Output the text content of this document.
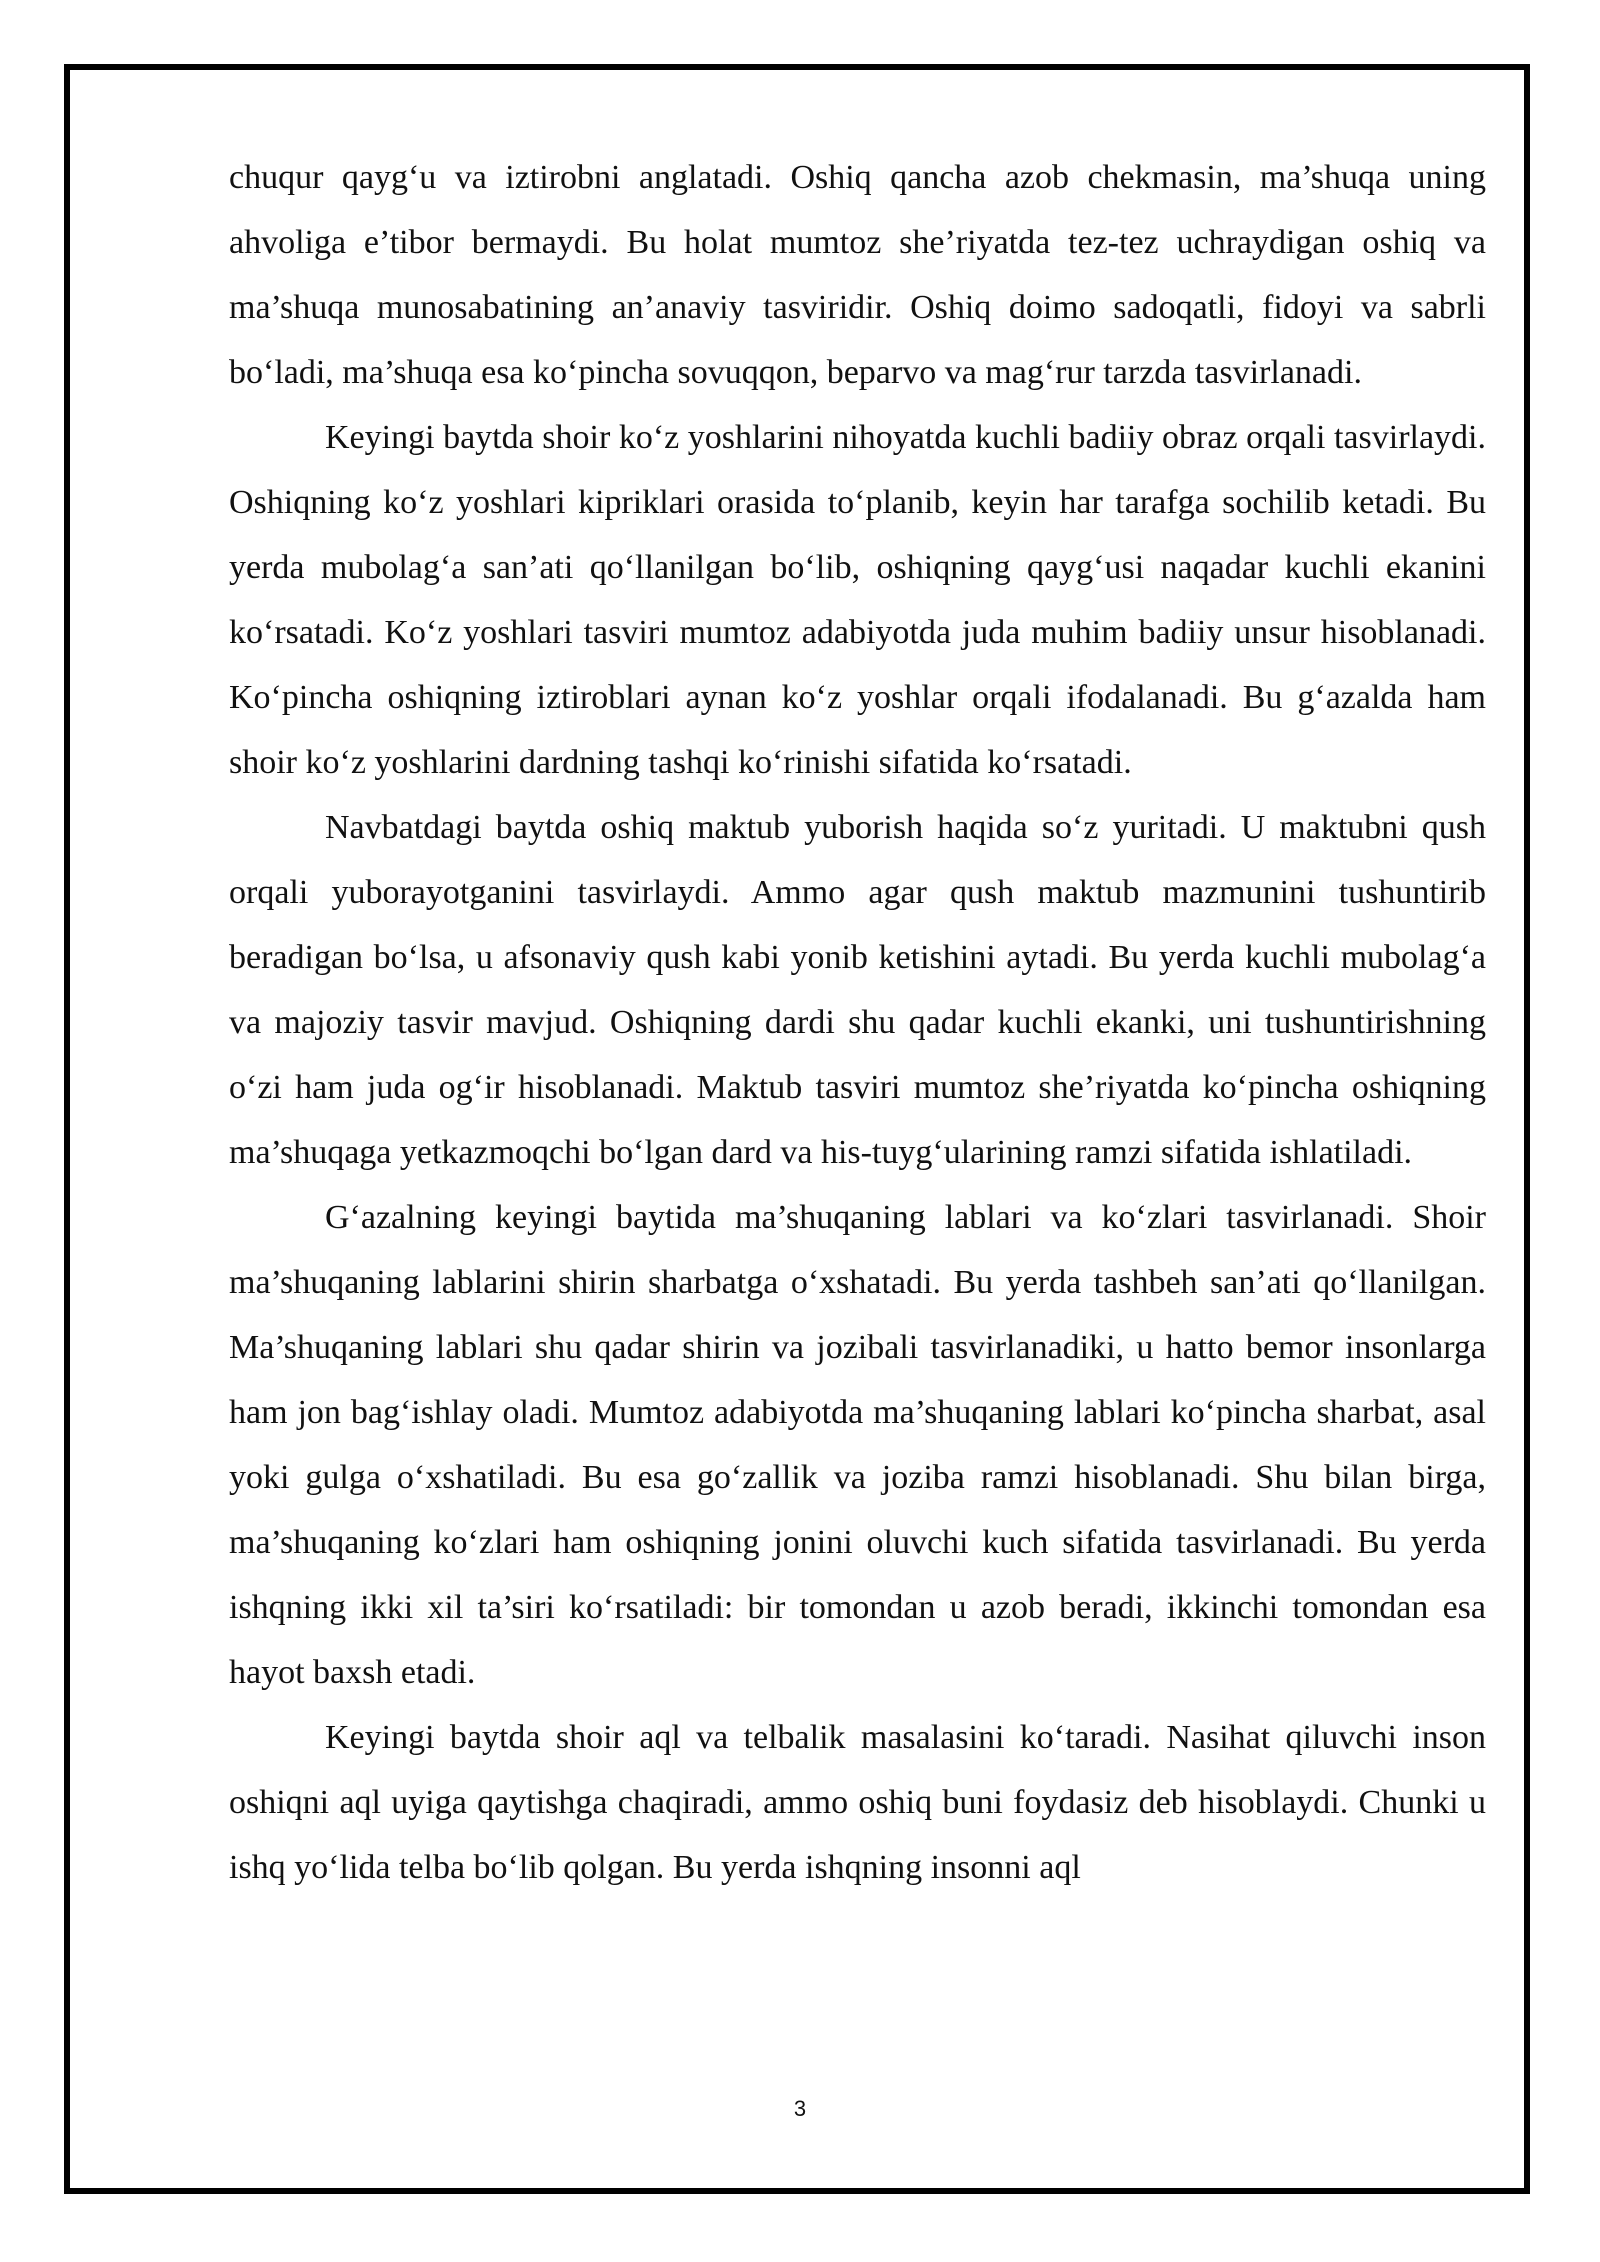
chuqur qayg‘u va iztirobni anglatadi. Oshiq qancha azob chekmasin, ma’shuqa uning ahvoliga e’tibor bermaydi. Bu holat mumtoz she’riyatda tez-tez uchraydigan oshiq va ma’shuqa munosabatining an’anaviy tasviridir. Oshiq doimo sadoqatli, fidoyi va sabrli bo‘ladi, ma’shuqa esa ko‘pincha sovuqqon, beparvo va mag‘rur tarzda tasvirlanadi.

Keyingi baytda shoir ko‘z yoshlarini nihoyatda kuchli badiiy obraz orqali tasvirlaydi. Oshiqning ko‘z yoshlari kipriklari orasida to‘planib, keyin har tarafga sochilib ketadi. Bu yerda mubolag‘a san’ati qo‘llanilgan bo‘lib, oshiqning qayg‘usi naqadar kuchli ekanini ko‘rsatadi. Ko‘z yoshlari tasviri mumtoz adabiyotda juda muhim badiiy unsur hisoblanadi. Ko‘pincha oshiqning iztiroblari aynan ko‘z yoshlar orqali ifodalanadi. Bu g‘azalda ham shoir ko‘z yoshlarini dardning tashqi ko‘rinishi sifatida ko‘rsatadi.

Navbatdagi baytda oshiq maktub yuborish haqida so‘z yuritadi. U maktubni qush orqali yuborayotganini tasvirlaydi. Ammo agar qush maktub mazmunini tushuntirib beradigan bo‘lsa, u afsonaviy qush kabi yonib ketishini aytadi. Bu yerda kuchli mubolag‘a va majoziy tasvir mavjud. Oshiqning dardi shu qadar kuchli ekanki, uni tushuntirishning o‘zi ham juda og‘ir hisoblanadi. Maktub tasviri mumtoz she’riyatda ko‘pincha oshiqning ma’shuqaga yetkazmoqchi bo‘lgan dard va his-tuyg‘ularining ramzi sifatida ishlatiladi.

G‘azalning keyingi baytida ma’shuqaning lablari va ko‘zlari tasvirlanadi. Shoir ma’shuqaning lablarini shirin sharbatga o‘xshatadi. Bu yerda tashbeh san’ati qo‘llanilgan. Ma’shuqaning lablari shu qadar shirin va jozibali tasvirlanadiki, u hatto bemor insonlarga ham jon bag‘ishlay oladi. Mumtoz adabiyotda ma’shuqaning lablari ko‘pincha sharbat, asal yoki gulga o‘xshatiladi. Bu esa go‘zallik va joziba ramzi hisoblanadi. Shu bilan birga, ma’shuqaning ko‘zlari ham oshiqning jonini oluvchi kuch sifatida tasvirlanadi. Bu yerda ishqning ikki xil ta’siri ko‘rsatiladi: bir tomondan u azob beradi, ikkinchi tomondan esa hayot baxsh etadi.

Keyingi baytda shoir aql va telbalik masalasini ko‘taradi. Nasihat qiluvchi inson oshiqni aql uyiga qaytishga chaqiradi, ammo oshiq buni foydasiz deb hisoblaydi. Chunki u ishq yo‘lida telba bo‘lib qolgan. Bu yerda ishqning insonni aql

3
